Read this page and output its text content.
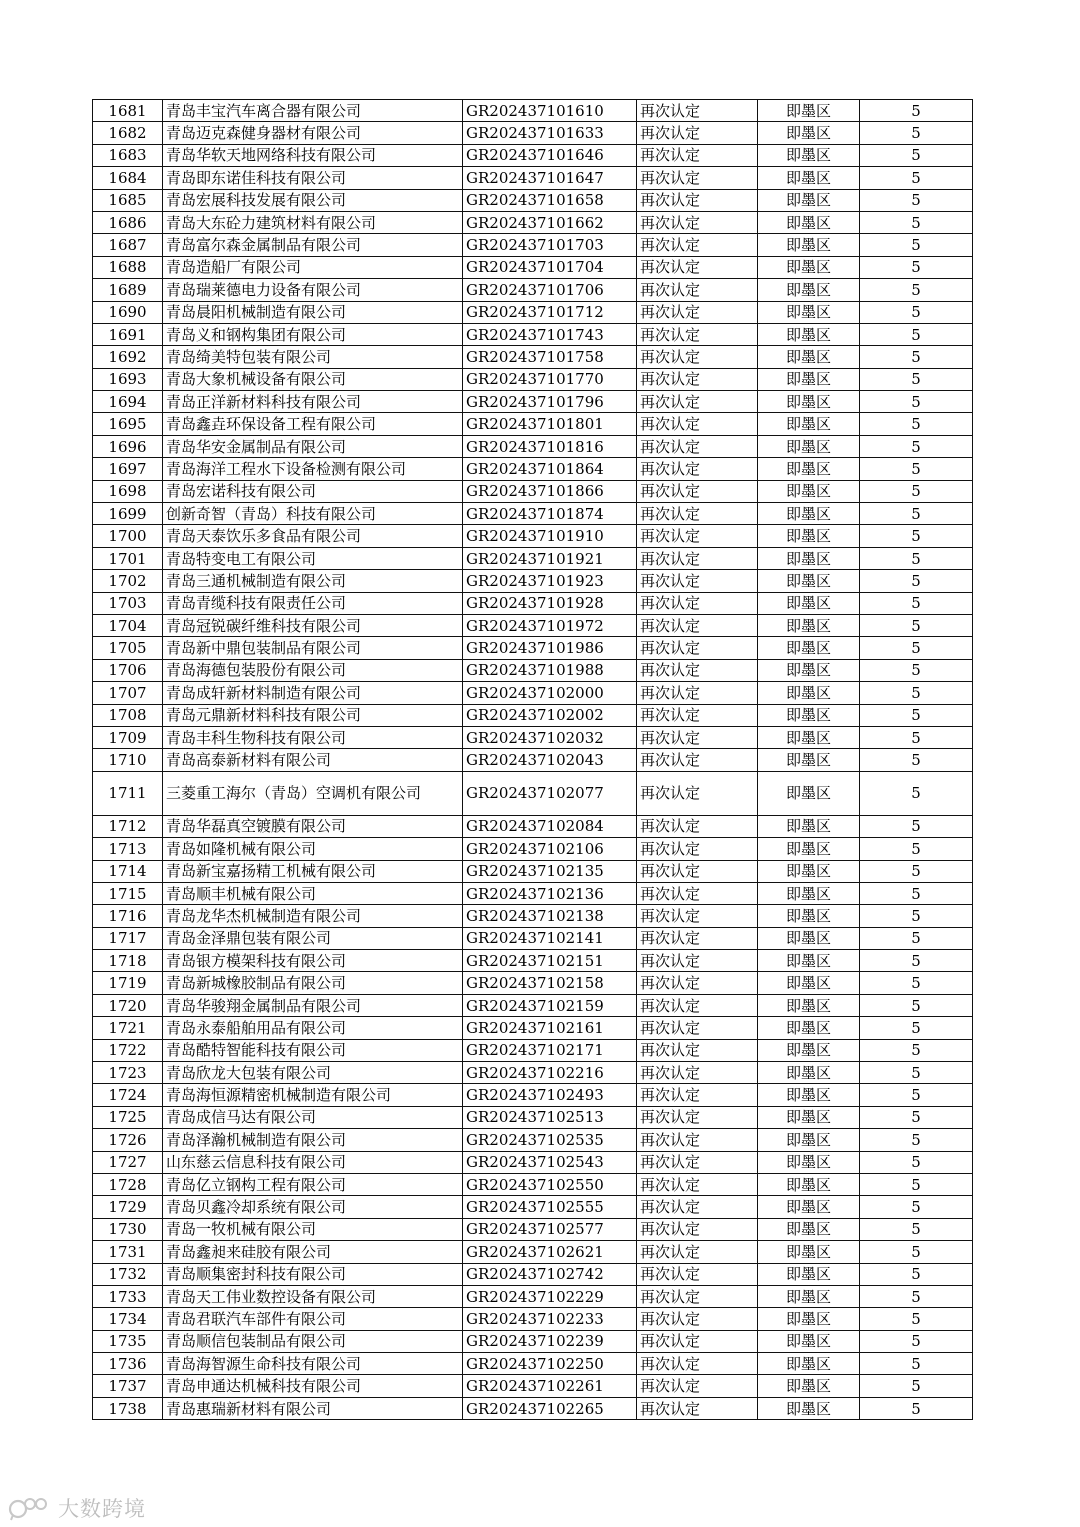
1681	青岛丰宝汽车离合器有限公司	GR202437101610	再次认定	即墨区	5
1682	青岛迈克森健身器材有限公司	GR202437101633	再次认定	即墨区	5
1683	青岛华软天地网络科技有限公司	GR202437101646	再次认定	即墨区	5
1684	青岛即东诺佳科技有限公司	GR202437101647	再次认定	即墨区	5
1685	青岛宏展科技发展有限公司	GR202437101658	再次认定	即墨区	5
1686	青岛大东砼力建筑材料有限公司	GR202437101662	再次认定	即墨区	5
1687	青岛富尔森金属制品有限公司	GR202437101703	再次认定	即墨区	5
1688	青岛造船厂有限公司	GR202437101704	再次认定	即墨区	5
1689	青岛瑞莱德电力设备有限公司	GR202437101706	再次认定	即墨区	5
1690	青岛晨阳机械制造有限公司	GR202437101712	再次认定	即墨区	5
1691	青岛义和钢构集团有限公司	GR202437101743	再次认定	即墨区	5
1692	青岛绮美特包装有限公司	GR202437101758	再次认定	即墨区	5
1693	青岛大象机械设备有限公司	GR202437101770	再次认定	即墨区	5
1694	青岛正洋新材料科技有限公司	GR202437101796	再次认定	即墨区	5
1695	青岛鑫垚环保设备工程有限公司	GR202437101801	再次认定	即墨区	5
1696	青岛华安金属制品有限公司	GR202437101816	再次认定	即墨区	5
1697	青岛海洋工程水下设备检测有限公司	GR202437101864	再次认定	即墨区	5
1698	青岛宏诺科技有限公司	GR202437101866	再次认定	即墨区	5
1699	创新奇智（青岛）科技有限公司	GR202437101874	再次认定	即墨区	5
1700	青岛天泰饮乐多食品有限公司	GR202437101910	再次认定	即墨区	5
1701	青岛特变电工有限公司	GR202437101921	再次认定	即墨区	5
1702	青岛三通机械制造有限公司	GR202437101923	再次认定	即墨区	5
1703	青岛青缆科技有限责任公司	GR202437101928	再次认定	即墨区	5
1704	青岛冠锐碳纤维科技有限公司	GR202437101972	再次认定	即墨区	5
1705	青岛新中鼎包装制品有限公司	GR202437101986	再次认定	即墨区	5
1706	青岛海德包装股份有限公司	GR202437101988	再次认定	即墨区	5
1707	青岛成轩新材料制造有限公司	GR202437102000	再次认定	即墨区	5
1708	青岛元鼎新材料科技有限公司	GR202437102002	再次认定	即墨区	5
1709	青岛丰科生物科技有限公司	GR202437102032	再次认定	即墨区	5
1710	青岛高泰新材料有限公司	GR202437102043	再次认定	即墨区	5
1711	三菱重工海尔（青岛）空调机有限公司	GR202437102077	再次认定	即墨区	5
1712	青岛华磊真空镀膜有限公司	GR202437102084	再次认定	即墨区	5
1713	青岛如隆机械有限公司	GR202437102106	再次认定	即墨区	5
1714	青岛新宝嘉扬精工机械有限公司	GR202437102135	再次认定	即墨区	5
1715	青岛顺丰机械有限公司	GR202437102136	再次认定	即墨区	5
1716	青岛龙华杰机械制造有限公司	GR202437102138	再次认定	即墨区	5
1717	青岛金泽鼎包装有限公司	GR202437102141	再次认定	即墨区	5
1718	青岛银方模架科技有限公司	GR202437102151	再次认定	即墨区	5
1719	青岛新城橡胶制品有限公司	GR202437102158	再次认定	即墨区	5
1720	青岛华骏翔金属制品有限公司	GR202437102159	再次认定	即墨区	5
1721	青岛永泰船舶用品有限公司	GR202437102161	再次认定	即墨区	5
1722	青岛酷特智能科技有限公司	GR202437102171	再次认定	即墨区	5
1723	青岛欣龙大包装有限公司	GR202437102216	再次认定	即墨区	5
1724	青岛海恒源精密机械制造有限公司	GR202437102493	再次认定	即墨区	5
1725	青岛成信马达有限公司	GR202437102513	再次认定	即墨区	5
1726	青岛泽瀚机械制造有限公司	GR202437102535	再次认定	即墨区	5
1727	山东慈云信息科技有限公司	GR202437102543	再次认定	即墨区	5
1728	青岛亿立钢构工程有限公司	GR202437102550	再次认定	即墨区	5
1729	青岛贝鑫冷却系统有限公司	GR202437102555	再次认定	即墨区	5
1730	青岛一牧机械有限公司	GR202437102577	再次认定	即墨区	5
1731	青岛鑫昶来硅胶有限公司	GR202437102621	再次认定	即墨区	5
1732	青岛顺集密封科技有限公司	GR202437102742	再次认定	即墨区	5
1733	青岛天工伟业数控设备有限公司	GR202437102229	再次认定	即墨区	5
1734	青岛君联汽车部件有限公司	GR202437102233	再次认定	即墨区	5
1735	青岛顺信包装制品有限公司	GR202437102239	再次认定	即墨区	5
1736	青岛海智源生命科技有限公司	GR202437102250	再次认定	即墨区	5
1737	青岛申通达机械科技有限公司	GR202437102261	再次认定	即墨区	5
1738	青岛惠瑞新材料有限公司	GR202437102265	再次认定	即墨区	5
大数跨境
